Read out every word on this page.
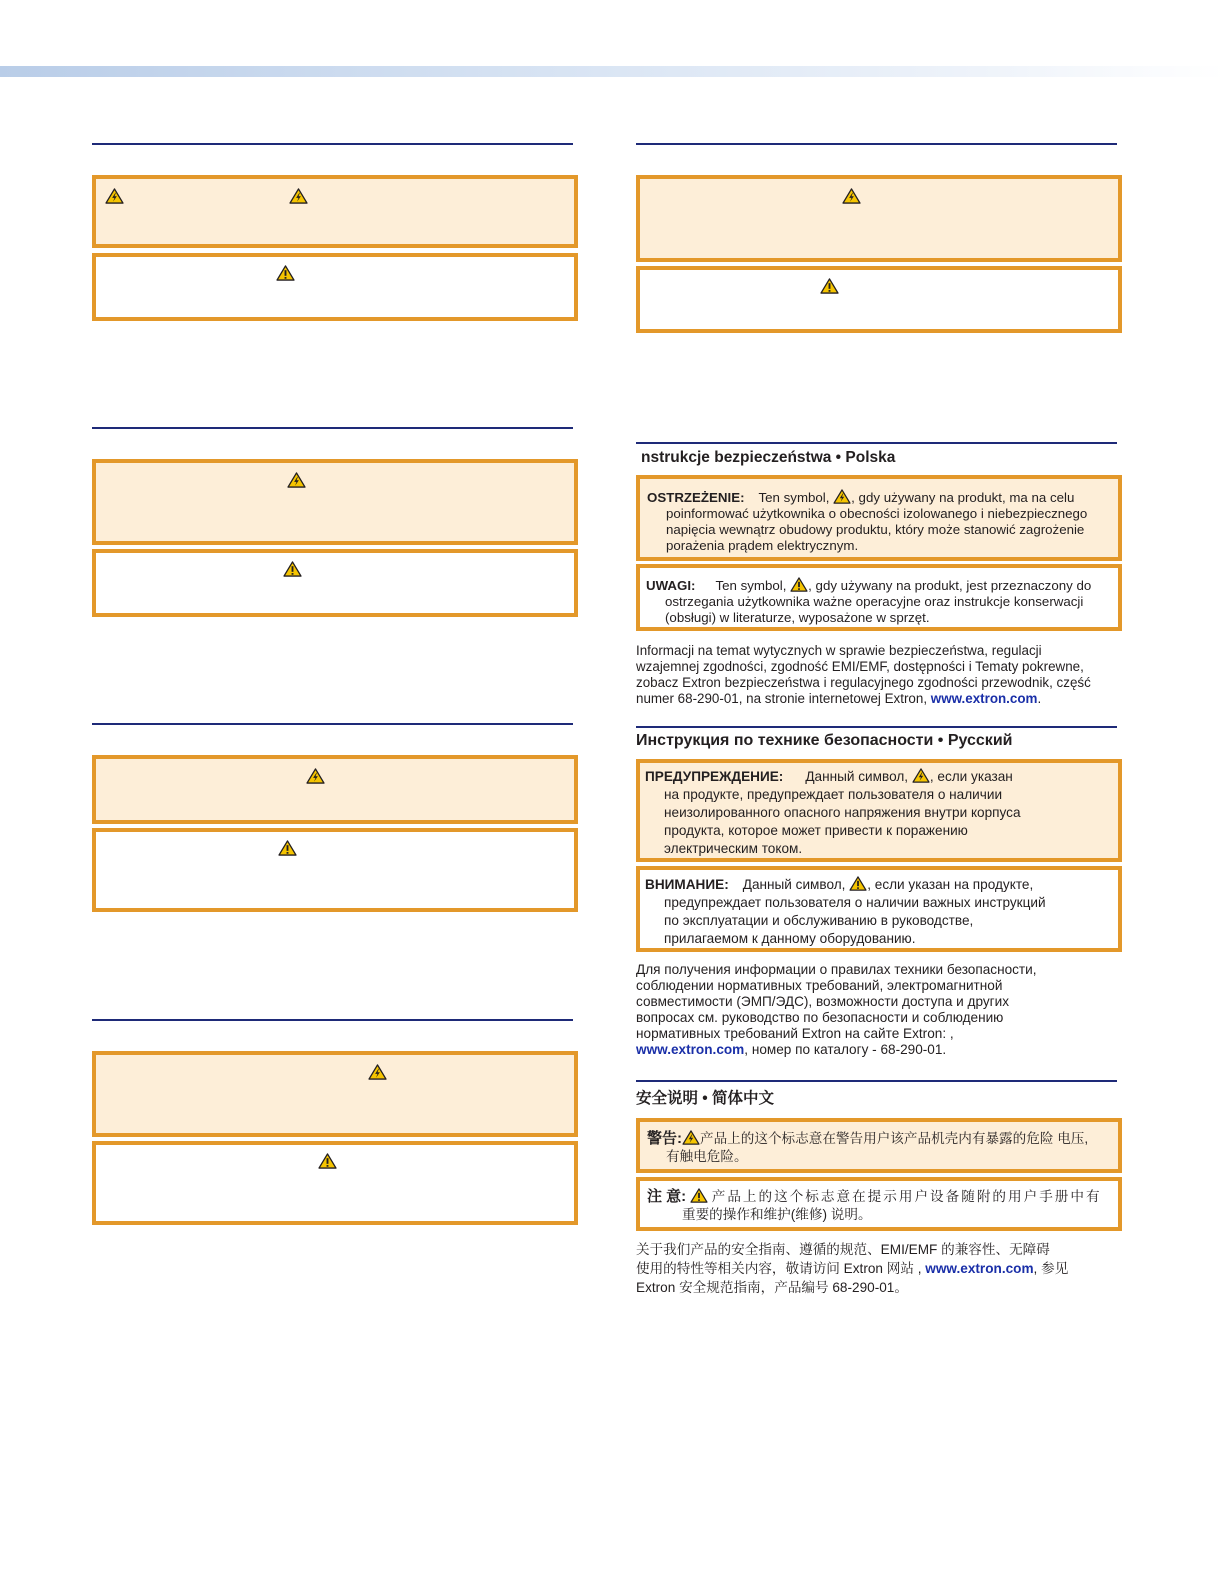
nstrukcje bezpieczeństwa • Polska
OSTRZEŻENIE: Ten symbol, , gdy używany na produkt, ma na celu
poinformować użytkownika o obecności izolowanego i niebezpiecznego
napięcia wewnątrz obudowy produktu, który może stanowić zagrożenie
porażenia prądem elektrycznym.
UWAGI: Ten symbol, , gdy używany na produkt, jest przeznaczony do
ostrzegania użytkownika ważne operacyjne oraz instrukcje konserwacji
(obsługi) w literaturze, wyposażone w sprzęt.
Informacji na temat wytycznych w sprawie bezpieczeństwa, regulacji
wzajemnej zgodności, zgodność EMI/EMF, dostępności i Tematy pokrewne,
zobacz Extron bezpieczeństwa i regulacyjnego zgodności przewodnik, część
numer 68-290-01, na stronie internetowej Extron, www.extron.com.
Инструкция по технике безопасности • Русский
ПРЕДУПРЕЖДЕНИЕ: Данный символ, , если указан
на продукте, предупреждает пользователя о наличии
неизолированного опасного напряжения внутри корпуса
продукта, которое может привести к поражению
электрическим током.
ВНИМАНИЕ: Данный символ, , если указан на продукте,
предупреждает пользователя о наличии важных инструкций
по эксплуатации и обслуживанию в руководстве,
прилагаемом к данному оборудованию.
Для получения информации о правилах техники безопасности,
соблюдении нормативных требований, электромагнитной
совместимости (ЭМП/ЭДС), возможности доступа и других
вопросах см. руководство по безопасности и соблюдению
нормативных требований Extron на сайте Extron: ,
www.extron.com, номер по каталогу - 68-290-01.
安全说明 • 简体中文
警告: 产品上的这个标志意在警告用户该产品机壳内有暴露的危险 电压,
有触电危险。
注 意: 产品上的这个标志意在提示用户设备随附的用户手册中有
重要的操作和维护(维修) 说明。
关于我们产品的安全指南、遵循的规范、EMI/EMF 的兼容性、无障碍
使用的特性等相关内容，敬请访问 Extron 网站 , www.extron.com, 参见
Extron 安全规范指南，产品编号 68-290-01。
